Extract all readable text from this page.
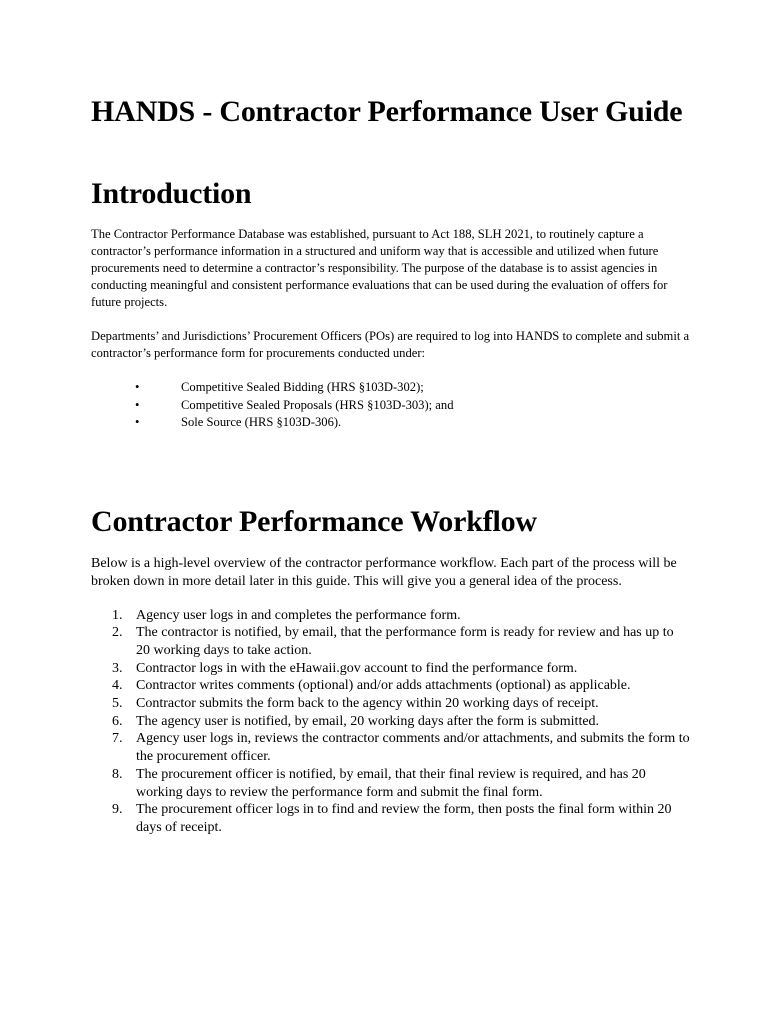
HANDS - Contractor Performance User Guide
Introduction

The Contractor Performance Database was established, pursuant to Act 188, SLH 2021, to routinely capture a contractor’s performance information in a structured and uniform way that is accessible and utilized when future procurements need to determine a contractor’s responsibility. The purpose of the database is to assist agencies in conducting meaningful and consistent performance evaluations that can be used during the evaluation of offers for future projects.

Departments’ and Jurisdictions’ Procurement Officers (POs) are required to log into HANDS to complete and submit a contractor’s performance form for procurements conducted under:

•	Competitive Sealed Bidding (HRS §103D-302);
•	Competitive Sealed Proposals (HRS §103D-303); and
•	Sole Source (HRS §103D-306).
Contractor Performance Workflow

Below is a high-level overview of the contractor performance workflow. Each part of the process will be broken down in more detail later in this guide. This will give you a general idea of the process.

1. Agency user logs in and completes the performance form.
2. The contractor is notified, by email, that the performance form is ready for review and has up to 20 working days to take action.
3. Contractor logs in with the eHawaii.gov account to find the performance form.
4. Contractor writes comments (optional) and/or adds attachments (optional) as applicable.
5. Contractor submits the form back to the agency within 20 working days of receipt.
6. The agency user is notified, by email, 20 working days after the form is submitted.
7. Agency user logs in, reviews the contractor comments and/or attachments, and submits the form to the procurement officer.
8. The procurement officer is notified, by email, that their final review is required, and has 20 working days to review the performance form and submit the final form.
9. The procurement officer logs in to find and review the form, then posts the final form within 20 days of receipt.
